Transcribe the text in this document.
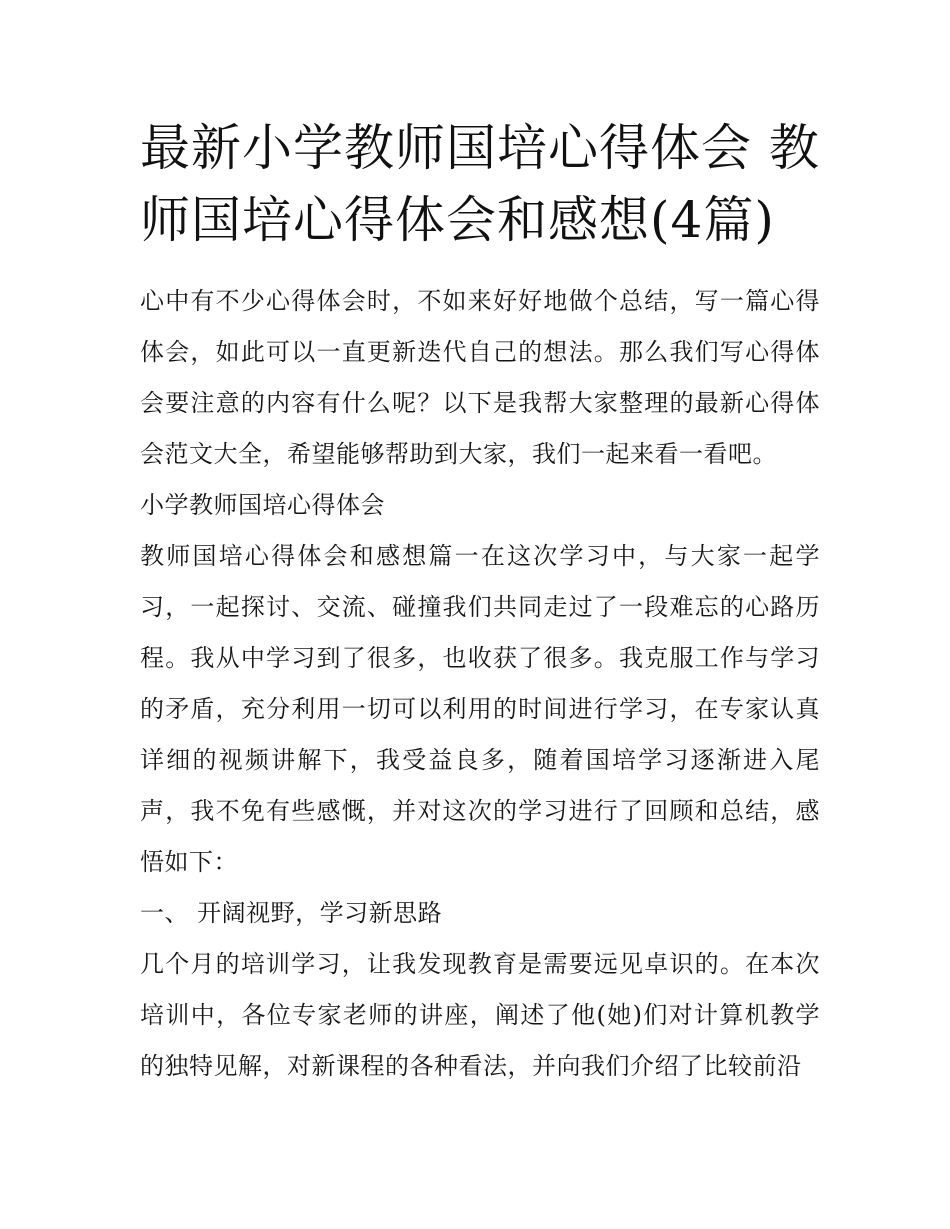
最新小学教师国培心得体会 教师国培心得体会和感想(4篇)

心中有不少心得体会时，不如来好好地做个总结，写一篇心得体会，如此可以一直更新迭代自己的想法。那么我们写心得体会要注意的内容有什么呢？以下是我帮大家整理的最新心得体会范文大全，希望能够帮助到大家，我们一起来看一看吧。

小学教师国培心得体会

教师国培心得体会和感想篇一在这次学习中，与大家一起学习，一起探讨、交流、碰撞我们共同走过了一段难忘的心路历程。我从中学习到了很多，也收获了很多。我克服工作与学习的矛盾，充分利用一切可以利用的时间进行学习，在专家认真详细的视频讲解下，我受益良多，随着国培学习逐渐进入尾声，我不免有些感慨，并对这次的学习进行了回顾和总结，感悟如下：

一、 开阔视野，学习新思路

几个月的培训学习，让我发现教育是需要远见卓识的。在本次培训中，各位专家老师的讲座，阐述了他(她)们对计算机教学的独特见解，对新课程的各种看法，并向我们介绍了比较前沿
